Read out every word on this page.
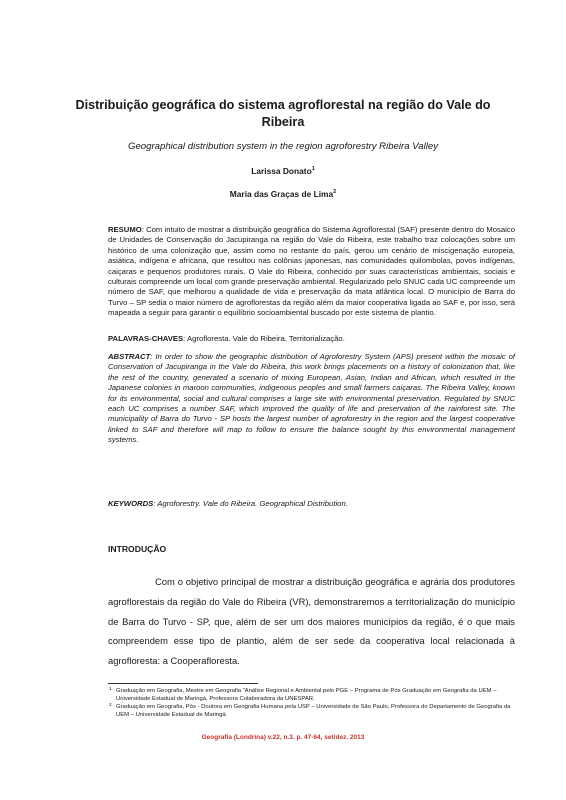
Distribuição geográfica do sistema agroflorestal na região do Vale do Ribeira
Geographical distribution system in the region agroforestry Ribeira Valley
Larissa Donato$^1$
Maria das Graças de Lima$^2$
RESUMO: Com intuito de mostrar a distribuição geográfica do Sistema Agroflorestal (SAF) presente dentro do Mosaico de Unidades de Conservação do Jacupiranga na região do Vale do Ribeira, este trabalho traz colocações sobre um histórico de uma colonização que, assim como no restante do país, gerou um cenário de miscigenação europeia, asiática, indígena e africana, que resultou nas colônias japonesas, nas comunidades quilombolas, povos indígenas, caiçaras e pequenos produtores rurais. O Vale do Ribeira, conhecido por suas características ambientais, sociais e culturais compreende um local com grande preservação ambiental. Regularizado pelo SNUC cada UC compreende um número de SAF, que melhorou a qualidade de vida e preservação da mata atlântica local. O município de Barra do Turvo – SP sedia o maior número de agroflorestas da região além da maior cooperativa ligada ao SAF e, por isso, será mapeada a seguir para garantir o equilíbrio socioambiental buscado por este sistema de plantio.
PALAVRAS-CHAVES: Agrofloresta. Vale do Ribeira. Territorialização.
ABSTRACT: In order to show the geographic distribution of Agroforestry System (APS) present within the mosaic of Conservation of Jacupiranga in the Vale do Ribeira, this work brings placements on a history of colonization that, like the rest of the country, generated a scenario of mixing European, Asian, Indian and African, which resulted in the Japanese colonies in maroon communities, indigenous peoples and small farmers caiçaras. The Ribeira Valley, known for its environmental, social and cultural comprises a large site with environmental preservation. Regulated by SNUC each UC comprises a number SAF, which improved the quality of life and preservation of the rainforest site. The municipality of Barra do Turvo - SP hosts the largest number of agroforestry in the region and the largest cooperative linked to SAF and therefore will map to follow to ensure the balance sought by this environmental management systems.
KEYWORDS: Agroforestry. Vale do Ribeira. Geographical Distribution.
INTRODUÇÃO
Com o objetivo principal de mostrar a distribuição geográfica e agrária dos produtores agroflorestais da região do Vale do Ribeira (VR), demonstraremos a territorialização do município de Barra do Turvo - SP, que, além de ser um dos maiores municípios da região, é o que mais compreendem esse tipo de plantio, além de ser sede da cooperativa local relacionada à agrofloresta: a Cooperafloresta.
1 Graduação em Geografia, Mestre em Geografia “Análise Regional e Ambiental pelo PGE – Programa de Pós Graduação em Geografia da UEM – Universidade Estadual de Maringá, Professora Colaboradora da UNESPAR.
2 Graduação em Geografia, Pós - Doutora em Geografia Humana pela USP – Universidade de São Paulo, Professora do Departamento de Geografia da UEM – Universidade Estadual de Maringá.
Geografia (Londrina) v.22, n.3. p. 47-64, set/dez. 2013
